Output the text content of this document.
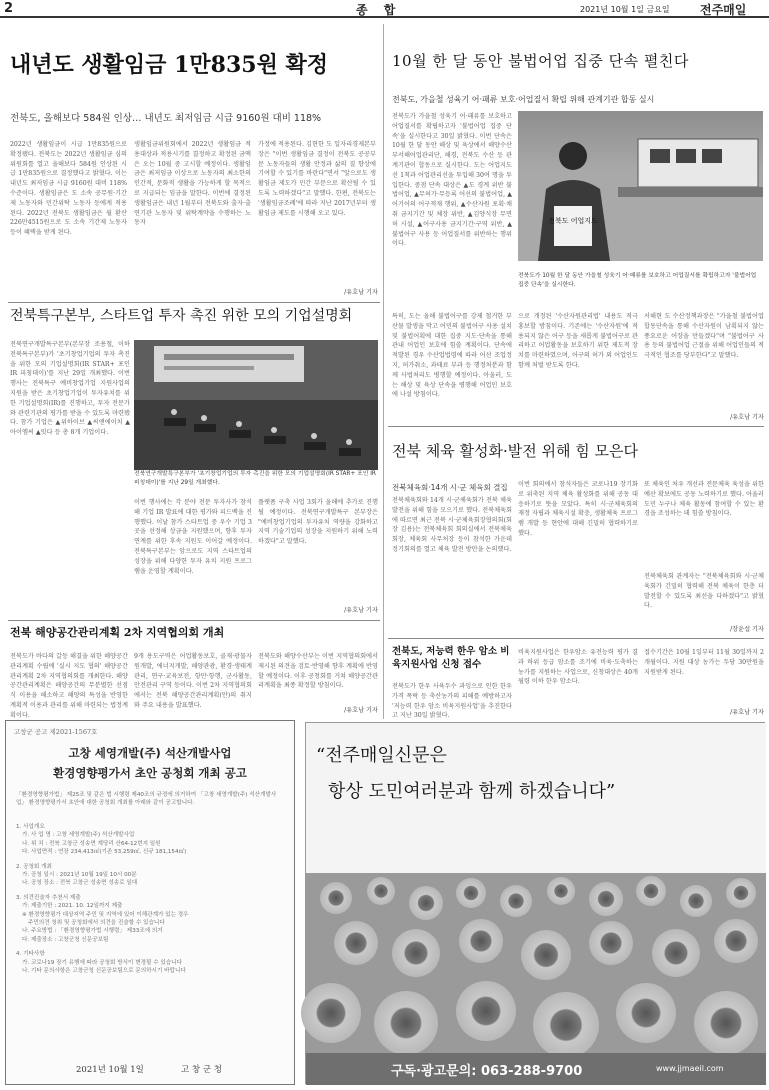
2	종 합	2021년 10월 1일 금요일	전주매일
내년도 생활임금 1만835원 확정
전북도, 올해보다 584원 인상… 내년도 최저임금 시급 9160원 대비 118%
2022년 생활임금이 시급 1만835원으로 확정됐다. 전북도는 2022년 생활임금 심의위원회를 열고 올해보다 584원 인상된 시급 1만835원으로 결정했다고 밝혔다. 이는 내년도 최저임금 시급 9160원 대비 118% 수준이다. 생활임금은 도 소속 공무원·기간제 노동자와 민간위탁 노동자 등에게 적용된다. 2022년 전북도 생활임금은 월 환산 226만4515원으로 도 소속 기간제 노동자 등이 혜택을 받게 된다.
생활임금위원회에서 2022년 생활임금 적용대상과 적용시기를 결정하고 확정된 금액은 오는 10월 중 고시할 예정이다. 생활임금은 최저임금 이상으로 노동자의 최소한의 인간적, 문화적 생활을 가능하게 할 목적으로 지급되는 임금을 말한다. 이번에 결정된 생활임금은 내년 1월부터 전북도와 출자·출연기관 노동자 및 위탁계약을 수행하는 노동자
가정에 적용된다. 김현한 도 일자리경제본부장은 "이번 생활임금 결정이 전북도 공공부문 노동자들의 생활 안정과 삶의 질 향상에 기여할 수 있기를 바란다"면서 "앞으로도 생활임금 제도가 민간 부문으로 확산될 수 있도록 노력하겠다"고 말했다. 한편, 전북도는 '생활임금조례'에 따라 지난 2017년부터 생활임금 제도를 시행해 오고 있다.
/유호남 기자
10월 한 달 동안 불법어업 집중 단속 펼친다
전북도, 가을철 성육기 어·패류 보호·어업질서 확립 위해 관계기관 합동 실시
전북도가 가을철 성육기 어·패류를 보호하고 어업질서를 확립하고자 '불법어업 집중 단속'을 실시한다고 30일 밝혔다. 이번 단속은 10월 한 달 동안 해상 및 육상에서 해양수산부서해어업관리단, 해경, 전북도 수산 등 관계기관이 합동으로 실시한다. 도는 어업지도선 1척과 어업관리선을 투입해 30여 명을 투입한다. 중점 단속 대상은 ▲도 경계 위반 불법어업, ▲무허가·무등록 어선의 불법어업, ▲어기어의 어구적재 행위, ▲수산자원 포획·채취 금지기간 및 체장 위반, ▲김양식장 무면허 시설, ▲어구사용 금지기간·구역 위반, ▲불법어구 사용 등 어업질서를 위반하는 행위이다.
전북도 어업지도
전북도가 10월 한 달 동안 가을철 성육기 어·패류를 보호하고 어업질서를 확립하고자 '불법어업 집중 단속'을 실시한다.
특히, 도는 올해 불법어구를 강제 철거한 부산물 발생을 막고 어민의 불법어구 사용 설치 및 불법어획에 대한 집중 지도·단속을 통해 관내 어업인 보호에 힘쓸 계획이다. 단속에 적발된 경우 수산업법령에 따라 어선 조업정지, 허가취소, 과태료 부과 등 행정처분과 함께 사법처리도 병행할 예정이다. 아울러, 도는 해상 및 육상 단속을 병행해 어업인 보호에 나설 방침이다.
으로 개정된 '수산자원관리법' 내용도 적극 홍보할 방침이다. 기존에는 '수산자원'에 적용되지 않은 어구 등을 새롭게 불법어구로 관리하고 어업활동을 보호하기 위한 제도적 장치를 마련하였으며, 어구의 허가 외 어업인도 함께 처벌 받도록 한다.
서해현 도 수산정책과장은 "가을철 불법어업 합동단속을 통해 수산자원이 남획되지 않는 풍요로운 어장을 만들겠다"며 "불법어구 사용 등의 불법어업 근절을 위해 어업인들의 적극적인 협조를 당부한다"고 말했다.
/유호남 기자
전북특구본부, 스타트업 투자 촉진 위한 모의 기업설명회
전북연구개발특구본부(본부장 조용철, 이하 전북특구본부)가 '초기창업기업의 투자 촉진을 위한 모의 기업설명회(IR STAR+ 포인 IR 피칭데이)'를 지난 29일 개최했다. 이번 행사는 전북특구 예비창업기업 지원사업의 지원을 받은 초기창업기업이 투자유치를 위한 기업설명회(IR)를 진행하고, 투자 전문가와 관련기관의 평가를 받을 수 있도록 마련됐다. 참가 기업은 ▲위하이브 ▲씨앤에이치 ▲아이엠씨 ▲잇다 등 총 8개 기업이다.
전북연구개발특구본부가 '초기창업기업의 투자 촉진을 위한 모의 기업설명회(IR STAR+ 포인 IR 피칭데이)'를 지난 29일 개최했다.
이번 행사에는 각 분야 전문 투자사가 참석해 기업 IR 발표에 대한 평가와 피드백을 진행했다. 이날 참가 스타트업 중 우수 기업 3곳을 선정해 상금을 지원했으며, 향후 투자 연계를 위한 후속 지원도 이어갈 예정이다. 전북특구본부는 앞으로도 지역 스타트업의 성장을 위해 다양한 투자 유치 지원 프로그램을 운영할 계획이다.
플랫폼 구축 사업 3회가 올해에 추가로 진행될 예정이다. 전북연구개발특구 본부장은 "예비창업기업의 투자유치 역량을 강화하고 지역 기술기업의 성장을 지원하기 위해 노력하겠다"고 말했다.
/유호남 기자
전북 체육 활성화·발전 위해 힘 모은다
전북체육회·14개 시·군 체육회 결집
전북체육회와 14개 시·군체육회가 전북 체육 발전을 위해 힘을 모으기로 했다. 전북체육회에 따르면 최근 전북 시·군체육회장협의회(회장 김용)는 전북체육회 회의실에서 전북체육회장, 체육회 사무처장 등이 참석한 가운데 정기회의를 열고 체육 발전 방안을 논의했다.
이번 회의에서 참석자들은 코로나19 장기화로 위축된 지역 체육 활성화를 위해 공동 대응하기로 뜻을 모았다. 특히 시·군체육회의 재정 자립과 체육시설 확충, 생활체육 프로그램 개발 등 현안에 대해 긴밀히 협력하기로 했다.
또 체육인 처우 개선과 전문체육 육성을 위한 예산 확보에도 공동 노력하기로 했다. 아울러 도민 누구나 체육 활동에 참여할 수 있는 환경을 조성하는 데 힘쓸 방침이다.
전북체육회 관계자는 "전북체육회와 시·군체육회가 긴밀히 협력해 전북 체육이 한층 더 발전할 수 있도록 최선을 다하겠다"고 밝혔다.
/장윤섭 기자
전북 해양공간관리계획 2차 지역협의회 개최
전북도가 바다의 갈등 해결을 위한 해양공간관리계획 수립에 '실시 지도 협의' 해양공간관리계획 2차 지역협의회를 개최한다. 해양공간관리계획은 해양공간의 무분별한 선점식 이용을 해소하고 해양의 특성을 반영한 계획적 이용과 관리를 위해 마련되는 법정계획이다.
9개 용도구역은 어업활동보호, 골재·광물자원개발, 에너지개발, 해양관광, 환경·생태계관리, 연구·교육보전, 항만·항행, 군사활동, 안전관리 구역 등이다. 이번 2차 지역협의회에서는 전북 해양공간관리계획(안)의 취지와 주요 내용을 발표했다.
전북도와 해양수산부는 이번 지역협의회에서 제시된 의견을 검토·반영해 향후 계획에 반영할 예정이다. 이후 공청회를 거쳐 해양공간관리계획을 최종 확정할 방침이다.
/유호남 기자
전북도, 저능력 한우 암소 비육지원사업 신청 접수
전북도가 한우 사육두수 과잉으로 인한 한우 가격 폭락 등 축산농가의 피해를 예방하고자 '저능력 한우 암소 비육지원사업'을 추진한다고 지난 30일 밝혔다.
비육지원사업은 한우암소 유전능력 평가 결과 하위 등급 암소를 조기에 비육·도축하는 농가를 지원하는 사업으로, 신청대상은 40개월령 이하 한우 암소다.
접수기간은 10월 1일부터 11월 30일까지 2개월이다. 지원 대상 농가는 두당 30만원을 지원받게 된다.
/유호남 기자
고창군 공고 제2021-1567호
고창 세영개발(주) 석산개발사업
환경영향평가서 초안 공청회 개최 공고
「환경영향평가법」 제25조 및 같은 법 시행령 제40조의 규정에 의거하여 「고창 세영개발(주) 석산개발사업」 환경영향평가서 초안에 대한 공청회 개최를 아래와 같이 공고합니다.
1. 사업개요
가. 사 업 명 : 고창 세영개발(주) 석산개발사업
나. 위 치 : 전북 고창군 성송면 계당리 산64-12번지 일원
다. 사업면적 : 연장 234,413㎡(기존 53,259㎡, 신규 181,154㎡)
2. 공청회 개최
가. 공청 일시 : 2021년 10월 19일 10시 00분
나. 공청 장소 : 전북 고창군 성송면 성송로 일대
3. 의견진술자 추천서 제출
가. 제출기한 : 2021. 10. 12일까지 제출
※ 환경영향평가 대상지역 주민 및 지역에 있어 이해관계가 있는 경우
주민의견 청취 및 공청회에서 의견을 진술할 수 있습니다
나. 주요방법 : 「환경영향평가법 시행령」 제33조에 의거
다. 제출장소 : 고창군청 신문공보팀
4. 기타사항
가. 코로나19 장기 유행에 따라 공청회 방식이 변경될 수 있습니다
나. 기타 문의사항은 고창군청 신문공보팀으로 문의하시기 바랍니다
2021년 10월 1일	고 창 군 청
“전주매일신문은
항상 도민여러분과 함께 하겠습니다”
구독·광고문의: 063-288-9700	www.jjmaeil.com
